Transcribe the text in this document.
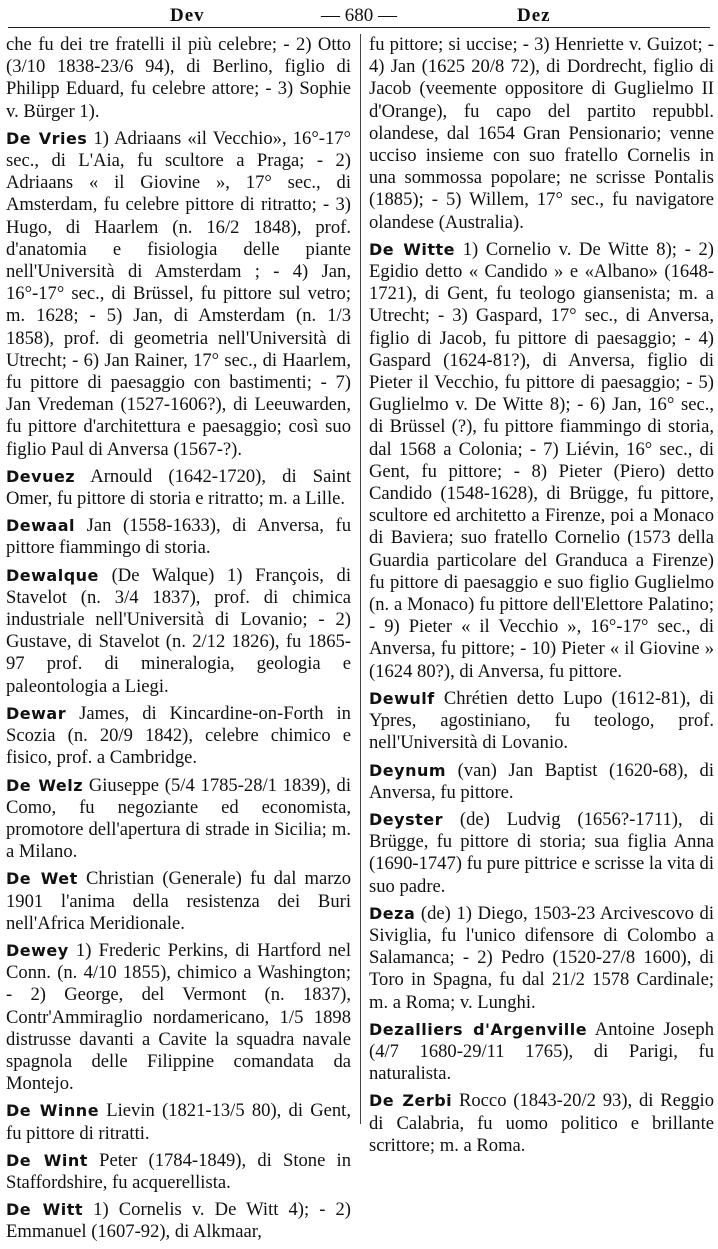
Dev	— 680 —	Dez

che fu dei tre fratelli il più celebre; - 2) Otto (3/10 1838-23/6 94), di Berlino, figlio di Philipp Eduard, fu celebre attore; - 3) Sophie v. Bürger 1).

De Vries 1) Adriaans «il Vecchio», 16°-17° sec., di L'Aia, fu scultore a Praga; - 2) Adriaans « il Giovine », 17° sec., di Amsterdam, fu celebre pittore di ritratto; - 3) Hugo, di Haarlem (n. 16/2 1848), prof. d'anatomia e fisiologia delle piante nell'Università di Amsterdam ; - 4) Jan, 16°-17° sec., di Brüssel, fu pittore sul vetro; m. 1628; - 5) Jan, di Amsterdam (n. 1/3 1858), prof. di geometria nell'Università di Utrecht; - 6) Jan Rainer, 17° sec., di Haarlem, fu pittore di paesaggio con bastimenti; - 7) Jan Vredeman (1527-1606?), di Leeuwarden, fu pittore d'architettura e paesaggio; così suo figlio Paul di Anversa (1567-?).

Devuez Arnould (1642-1720), di Saint Omer, fu pittore di storia e ritratto; m. a Lille.

Dewaal Jan (1558-1633), di Anversa, fu pittore fiammingo di storia.

Dewalque (De Walque) 1) François, di Stavelot (n. 3/4 1837), prof. di chimica industriale nell'Università di Lovanio; - 2) Gustave, di Stavelot (n. 2/12 1826), fu 1865-97 prof. di mineralogia, geologia e paleontologia a Liegi.

Dewar James, di Kincardine-on-Forth in Scozia (n. 20/9 1842), celebre chimico e fisico, prof. a Cambridge.

De Welz Giuseppe (5/4 1785-28/1 1839), di Como, fu negoziante ed economista, promotore dell'apertura di strade in Sicilia; m. a Milano.

De Wet Christian (Generale) fu dal marzo 1901 l'anima della resistenza dei Buri nell'Africa Meridionale.

Dewey 1) Frederic Perkins, di Hartford nel Conn. (n. 4/10 1855), chimico a Washington; - 2) George, del Vermont (n. 1837), Contr'Ammiraglio nordamericano, 1/5 1898 distrusse davanti a Cavite la squadra navale spagnola delle Filippine comandata da Montejo.

De Winne Lievin (1821-13/5 80), di Gent, fu pittore di ritratti.

De Wint Peter (1784-1849), di Stone in Staffordshire, fu acquerellista.

De Witt 1) Cornelis v. De Witt 4); - 2) Emmanuel (1607-92), di Alkmaar,

fu pittore; si uccise; - 3) Henriette v. Guizot; - 4) Jan (1625 20/8 72), di Dordrecht, figlio di Jacob (veemente oppositore di Guglielmo II d'Orange), fu capo del partito repubbl. olandese, dal 1654 Gran Pensionario; venne ucciso insieme con suo fratello Cornelis in una sommossa popolare; ne scrisse Pontalis (1885); - 5) Willem, 17° sec., fu navigatore olandese (Australia).

De Witte 1) Cornelio v. De Witte 8); - 2) Egidio detto « Candido » e «Albano» (1648-1721), di Gent, fu teologo giansenista; m. a Utrecht; - 3) Gaspard, 17° sec., di Anversa, figlio di Jacob, fu pittore di paesaggio; - 4) Gaspard (1624-81?), di Anversa, figlio di Pieter il Vecchio, fu pittore di paesaggio; - 5) Guglielmo v. De Witte 8); - 6) Jan, 16° sec., di Brüssel (?), fu pittore fiammingo di storia, dal 1568 a Colonia; - 7) Liévin, 16° sec., di Gent, fu pittore; - 8) Pieter (Piero) detto Candido (1548-1628), di Brügge, fu pittore, scultore ed architetto a Firenze, poi a Monaco di Baviera; suo fratello Cornelio (1573 della Guardia particolare del Granduca a Firenze) fu pittore di paesaggio e suo figlio Guglielmo (n. a Monaco) fu pittore dell'Elettore Palatino; - 9) Pieter « il Vecchio », 16°-17° sec., di Anversa, fu pittore; - 10) Pieter « il Giovine » (1624 80?), di Anversa, fu pittore.

Dewulf Chrétien detto Lupo (1612-81), di Ypres, agostiniano, fu teologo, prof. nell'Università di Lovanio.

Deynum (van) Jan Baptist (1620-68), di Anversa, fu pittore.

Deyster (de) Ludvig (1656?-1711), di Brügge, fu pittore di storia; sua figlia Anna (1690-1747) fu pure pittrice e scrisse la vita di suo padre.

Deza (de) 1) Diego, 1503-23 Arcivescovo di Siviglia, fu l'unico difensore di Colombo a Salamanca; - 2) Pedro (1520-27/8 1600), di Toro in Spagna, fu dal 21/2 1578 Cardinale; m. a Roma; v. Lunghi.

Dezalliers d'Argenville Antoine Joseph (4/7 1680-29/11 1765), di Parigi, fu naturalista.

De Zerbi Rocco (1843-20/2 93), di Reggio di Calabria, fu uomo politico e brillante scrittore; m. a Roma.
